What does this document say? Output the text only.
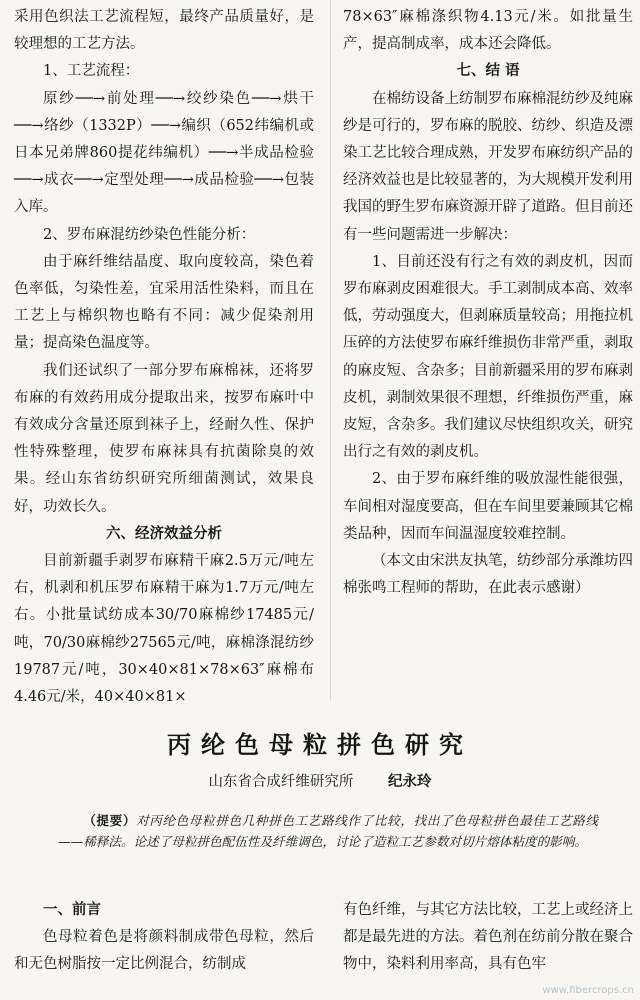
采用色织法工艺流程短，最终产品质量好，是较理想的工艺方法。

1、工艺流程：

原纱──→前处理──→绞纱染色──→烘干──→络纱（1332P）──→编织（652纬编机或日本兄弟牌860提花纬编机）──→半成品检验──→成衣──→定型处理──→成品检验──→包装入库。

2、罗布麻混纺纱染色性能分析：

由于麻纤维结晶度、取向度较高，染色着色率低，匀染性差，宜采用活性染料，而且在工艺上与棉织物也略有不同：减少促染剂用量；提高染色温度等。

我们还试织了一部分罗布麻棉袜，还将罗布麻的有效药用成分提取出来，按罗布麻叶中有效成分含量还原到袜子上，经耐久性、保护性特殊整理，使罗布麻袜具有抗菌除臭的效果。经山东省纺织研究所细菌测试，效果良好，功效长久。

六、经济效益分析

目前新疆手剥罗布麻精干麻2.5万元/吨左右，机剥和机压罗布麻精干麻为1.7万元/吨左右。小批量试纺成本30/70麻棉纱17485元/吨，70/30麻棉纱27565元/吨，麻棉涤混纺纱19787元/吨，30×40×81×78×63″麻棉布4.46元/米，40×40×81×

78×63″麻棉涤织物4.13元/米。如批量生产，提高制成率，成本还会降低。

七、结 语

在棉纺设备上纺制罗布麻棉混纺纱及纯麻纱是可行的，罗布麻的脱胶、纺纱、织造及漂染工艺比较合理成熟，开发罗布麻纺织产品的经济效益也是比较显著的，为大规模开发利用我国的野生罗布麻资源开辟了道路。但目前还有一些问题需进一步解决：

1、目前还没有行之有效的剥皮机，因而罗布麻剥皮困难很大。手工剥制成本高、效率低，劳动强度大，但剥麻质量较高；用拖拉机压碎的方法使罗布麻纤维损伤非常严重，剥取的麻皮短、含杂多；目前新疆采用的罗布麻剥皮机，剥制效果很不理想，纤维损伤严重，麻皮短，含杂多。我们建议尽快组织攻关，研究出行之有效的剥皮机。

2、由于罗布麻纤维的吸放湿性能很强，车间相对湿度要高，但在车间里要兼顾其它棉类品种，因而车间温湿度较难控制。

（本文由宋洪友执笔，纺纱部分承潍坊四棉张鸣工程师的帮助，在此表示感谢）

丙纶色母粒拼色研究
山东省合成纤维研究所 纪永玲

（提要）对丙纶色母粒拼色几种拼色工艺路线作了比较，找出了色母粒拼色最佳工艺路线——稀释法。论述了母粒拼色配伍性及纤维调色，讨论了造粒工艺参数对切片熔体粘度的影响。

一、前言

色母粒着色是将颜料制成带色母粒，然后和无色树脂按一定比例混合，纺制成

有色纤维，与其它方法比较，工艺上或经济上都是最先进的方法。着色剂在纺前分散在聚合物中，染料利用率高，具有色牢

www.fibercrops.cn
